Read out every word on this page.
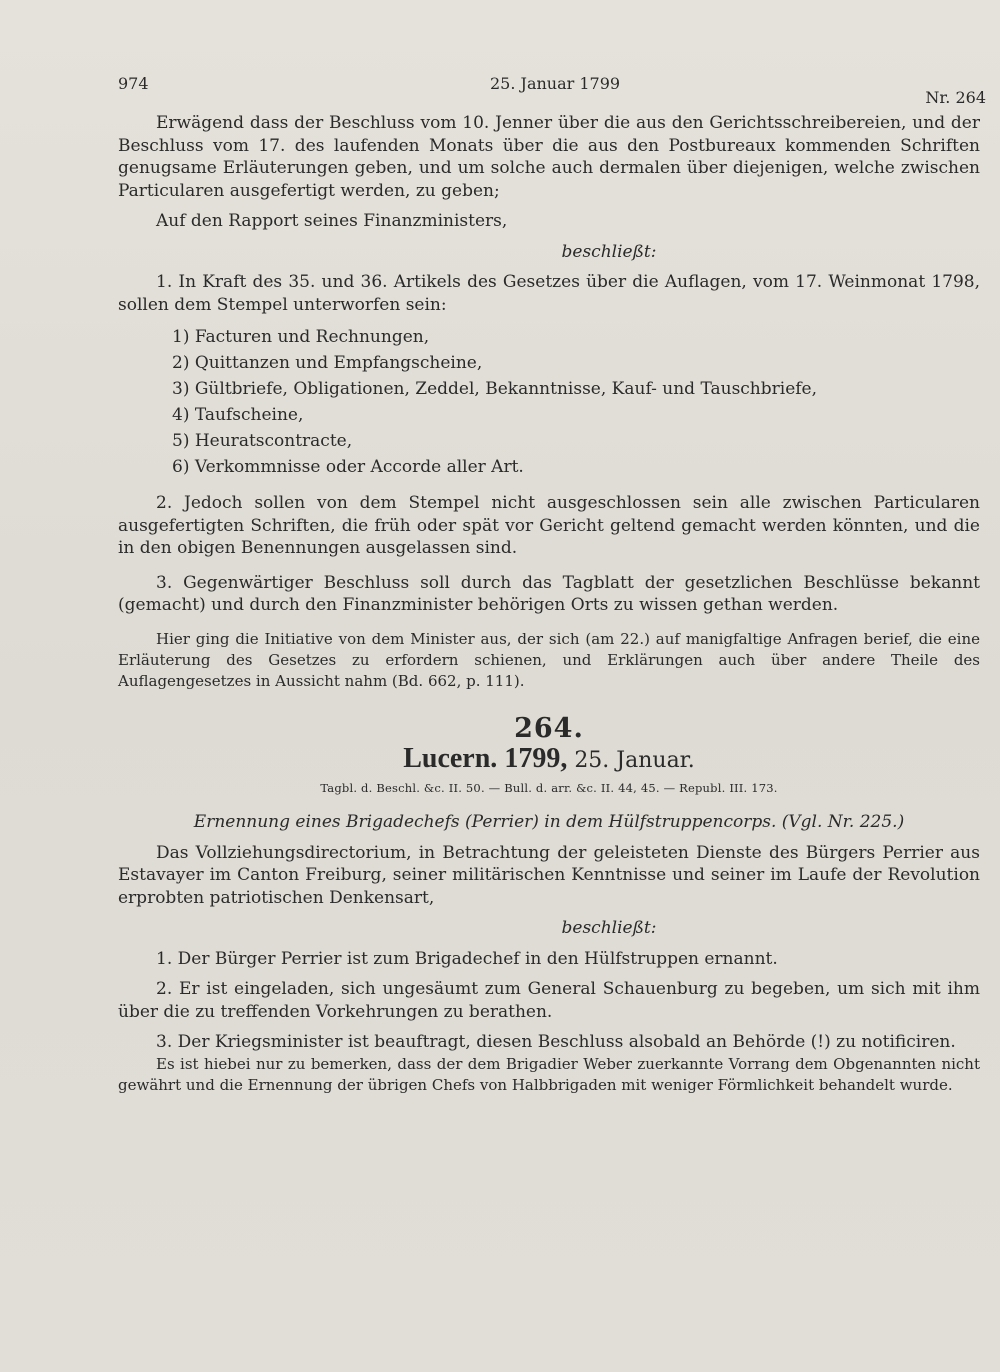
974	25. Januar 1799
Nr. 264

Erwägend dass der Beschluss vom 10. Jenner über die aus den Gerichtsschreibereien, und der Beschluss vom 17. des laufenden Monats über die aus den Postbureaux kommenden Schriften genugsame Erläuterungen geben, und um solche auch dermalen über diejenigen, welche zwischen Particularen ausgefertigt werden, zu geben;

Auf den Rapport seines Finanzministers,

beschließt:

1. In Kraft des 35. und 36. Artikels des Gesetzes über die Auflagen, vom 17. Weinmonat 1798, sollen dem Stempel unterworfen sein:

1) Facturen und Rechnungen,
2) Quittanzen und Empfangscheine,
3) Gültbriefe, Obligationen, Zeddel, Bekanntnisse, Kauf- und Tauschbriefe,
4) Taufscheine,
5) Heuratscontracte,
6) Verkommnisse oder Accorde aller Art.

2. Jedoch sollen von dem Stempel nicht ausgeschlossen sein alle zwischen Particularen ausgefertigten Schriften, die früh oder spät vor Gericht geltend gemacht werden könnten, und die in den obigen Benennungen ausgelassen sind.

3. Gegenwärtiger Beschluss soll durch das Tagblatt der gesetzlichen Beschlüsse bekannt (gemacht) und durch den Finanzminister behörigen Orts zu wissen gethan werden.

Hier ging die Initiative von dem Minister aus, der sich (am 22.) auf manigfaltige Anfragen berief, die eine Erläuterung des Gesetzes zu erfordern schienen, und Erklärungen auch über andere Theile des Auflagengesetzes in Aussicht nahm (Bd. 662, p. 111).

264.
Lucern. 1799, 25. Januar.
Tagbl. d. Beschl. &c. II. 50. — Bull. d. arr. &c. II. 44, 45. — Republ. III. 173.

Ernennung eines Brigadechefs (Perrier) in dem Hülfstruppencorps. (Vgl. Nr. 225.)

Das Vollziehungsdirectorium, in Betrachtung der geleisteten Dienste des Bürgers Perrier aus Estavayer im Canton Freiburg, seiner militärischen Kenntnisse und seiner im Laufe der Revolution erprobten patriotischen Denkensart,

beschließt:

1. Der Bürger Perrier ist zum Brigadechef in den Hülfstruppen ernannt.

2. Er ist eingeladen, sich ungesäumt zum General Schauenburg zu begeben, um sich mit ihm über die zu treffenden Vorkehrungen zu berathen.

3. Der Kriegsminister ist beauftragt, diesen Beschluss alsobald an Behörde (!) zu notificiren.

Es ist hiebei nur zu bemerken, dass der dem Brigadier Weber zuerkannte Vorrang dem Obgenannten nicht gewährt und die Ernennung der übrigen Chefs von Halbbrigaden mit weniger Förmlichkeit behandelt wurde.
